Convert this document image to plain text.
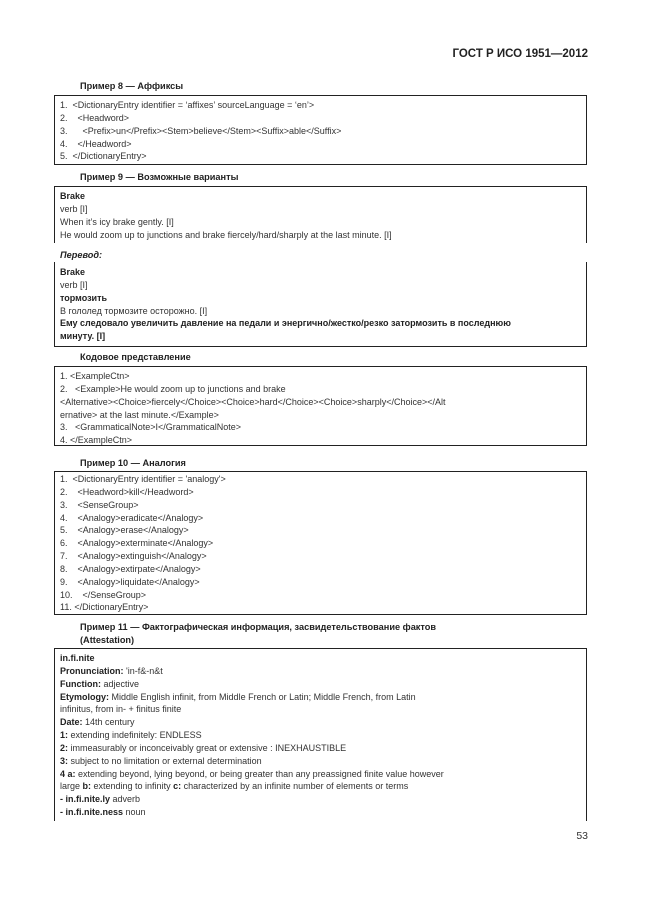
ГОСТ Р ИСО 1951—2012
Пример 8 — Аффиксы
1.  <DictionaryEntry identifier = ‘affixes’ sourceLanguage = ‘en’>
2.    <Headword>
3.      <Prefix>un</Prefix><Stem>believe</Stem><Suffix>able</Suffix>
4.    </Headword>
5.  </DictionaryEntry>
Пример 9 — Возможные варианты
Brake
verb [I]
When it’s icy brake gently. [I]
He would zoom up to junctions and brake fiercely/hard/sharply at the last minute. [I]
Перевод:
Brake
verb [I]
тормозить
В гололед тормозите осторожно. [I]
Ему следовало увеличить давление на педали и энергично/жестко/резко затормозить в последнюю
минуту. [I]
Кодовое представление
1. <ExampleCtn>
2.   <Example>He would zoom up to junctions and brake
<Alternative><Choice>fiercely</Choice><Choice>hard</Choice><Choice>sharply</Choice></Alt
ernative> at the last minute.</Example>
3.   <GrammaticalNote>I</GrammaticalNote>
4. </ExampleCtn>
Пример 10 — Аналогия
1.  <DictionaryEntry identifier = 'analogy'>
2.    <Headword>kill</Headword>
3.    <SenseGroup>
4.    <Analogy>eradicate</Analogy>
5.    <Analogy>erase</Analogy>
6.    <Analogy>exterminate</Analogy>
7.    <Analogy>extinguish</Analogy>
8.    <Analogy>extirpate</Analogy>
9.    <Analogy>liquidate</Analogy>
10.    </SenseGroup>
11. </DictionaryEntry>
Пример 11 — Фактографическая информация, засвидетельствование фактов
(Attestation)
in.fi.nite
Pronunciation: 'in-f&-n&t
Function: adjective
Etymology: Middle English infinit, from Middle French or Latin; Middle French, from Latin
infinitus, from in- + finitus finite
Date: 14th century
1: extending indefinitely: ENDLESS
2: immeasurably or inconceivably great or extensive : INEXHAUSTIBLE
3: subject to no limitation or external determination
4 a: extending beyond, lying beyond, or being greater than any preassigned finite value however
large b: extending to infinity c: characterized by an infinite number of elements or terms
- in.fi.nite.ly adverb
- in.fi.nite.ness noun
53
